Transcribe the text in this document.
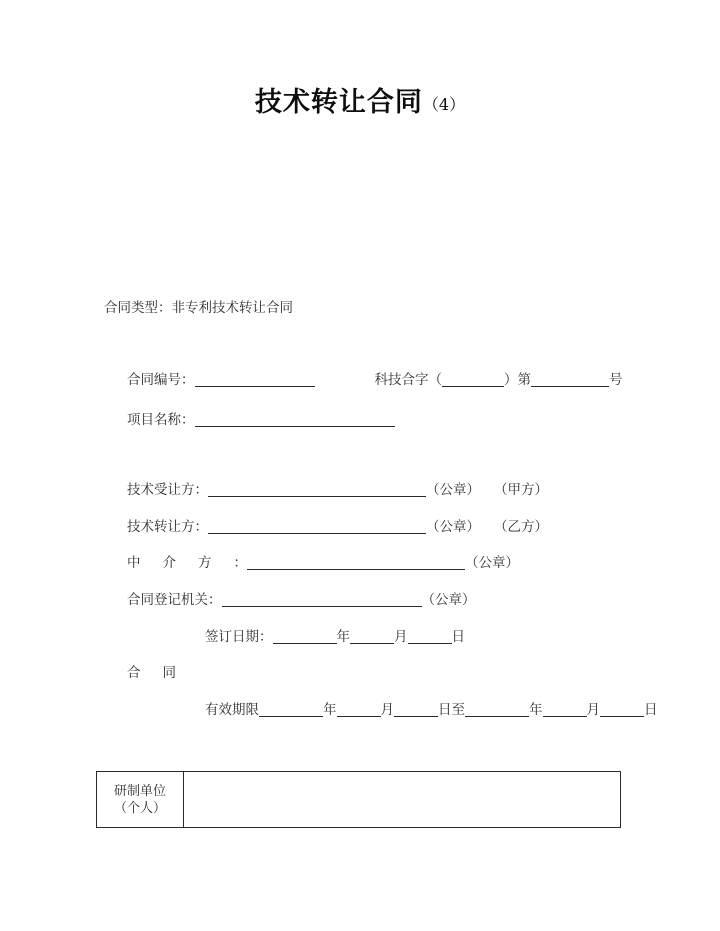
技术转让合同（4）
合同类型：非专利技术转让合同
合同编号：	科技合字（	）第	号
项目名称：
技术受让方：	（公章） （甲方）
技术转让方：	（公章） （乙方）
中介方：	（公章）
合同登记机关：	（公章）
签订日期：	年	月	日
合同
有效期限	年	月	日至	年	月	日
研制单位
（个人）
